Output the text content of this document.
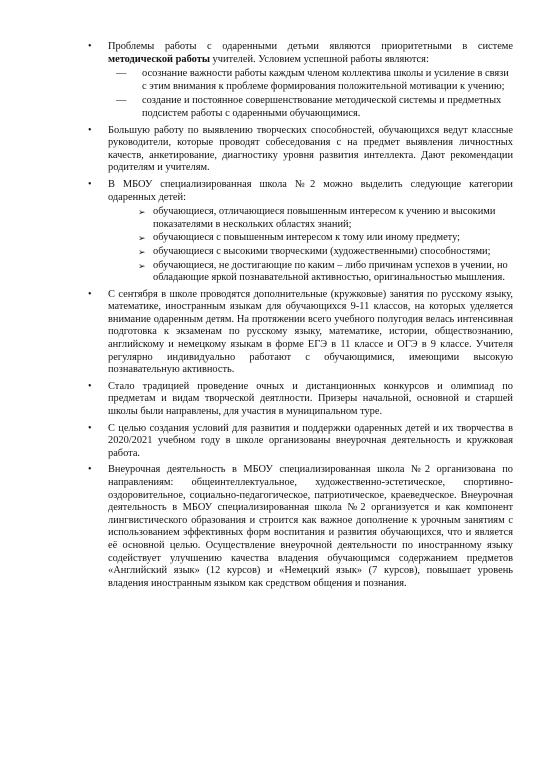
• Проблемы работы с одаренными детьми являются приоритетными в системе методической работы учителей. Условием успешной работы являются:

— осознание важности работы каждым членом коллектива школы и усиление в связи с этим внимания к проблеме формирования положительной мотивации к учению;
— создание и постоянное совершенствование методической системы и предметных подсистем работы с одаренными обучающимися.
• Большую работу по выявлению творческих способностей, обучающихся ведут классные руководители, которые проводят собеседования с на предмет выявления личностных качеств, анкетирование, диагностику уровня развития интеллекта. Дают рекомендации родителям и учителям.

• В МБОУ специализированная школа №2 можно выделить следующие категории одаренных детей:

➢ обучающиеся, отличающиеся повышенным интересом к учению и высокими показателями в нескольких областях знаний;
➢ обучающиеся с повышенным интересом к тому или иному предмету;
➢ обучающиеся с высокими творческими (художественными) способностями;
➢ обучающиеся, не достигающие по каким – либо причинам успехов в учении, но обладающие яркой познавательной активностью, оригинальностью мышления.
• С сентября в школе проводятся дополнительные (кружковые) занятия по русскому языку, математике, иностранным языкам для обучающихся 9-11 классов, на которых уделяется внимание одаренным детям. На протяжении всего учебного полугодия велась интенсивная подготовка к экзаменам по русскому языку, математике, истории, обществознанию, английскому и немецкому языкам в форме ЕГЭ в 11 классе и ОГЭ в 9 классе. Учителя регулярно индивидуально работают с обучающимися, имеющими высокую познавательную активность.

• Стало традицией проведение очных и дистанционных конкурсов и олимпиад по предметам и видам творческой деятлности. Призеры начальной, основной и старшей школы были направлены, для участия в муниципальном туре.

• С целью создания условий для развития и поддержки одаренных детей и их творчества в 2020/2021 учебном году в школе организованы внеурочная деятельность и кружковая работа.

• Внеурочная деятельность в МБОУ специализированная школа №2 организована по направлениям: общеинтеллектуальное, художественно-эстетическое, спортивно-оздоровительное, социально-педагогическое, патриотическое, краеведческое. Внеурочная деятельность в МБОУ специализированная школа №2 организуется и как компонент лингвистического образования и строится как важное дополнение к урочным занятиям с использованием эффективных форм воспитания и развития обучающихся, что и является её основной целью. Осуществление внеурочной деятельности по иностранному языку содействует улучшению качества владения обучающимся содержанием предметов «Английский язык» (12 курсов) и «Немецкий язык» (7 курсов), повышает уровень владения иностранным языком как средством общения и познания.
